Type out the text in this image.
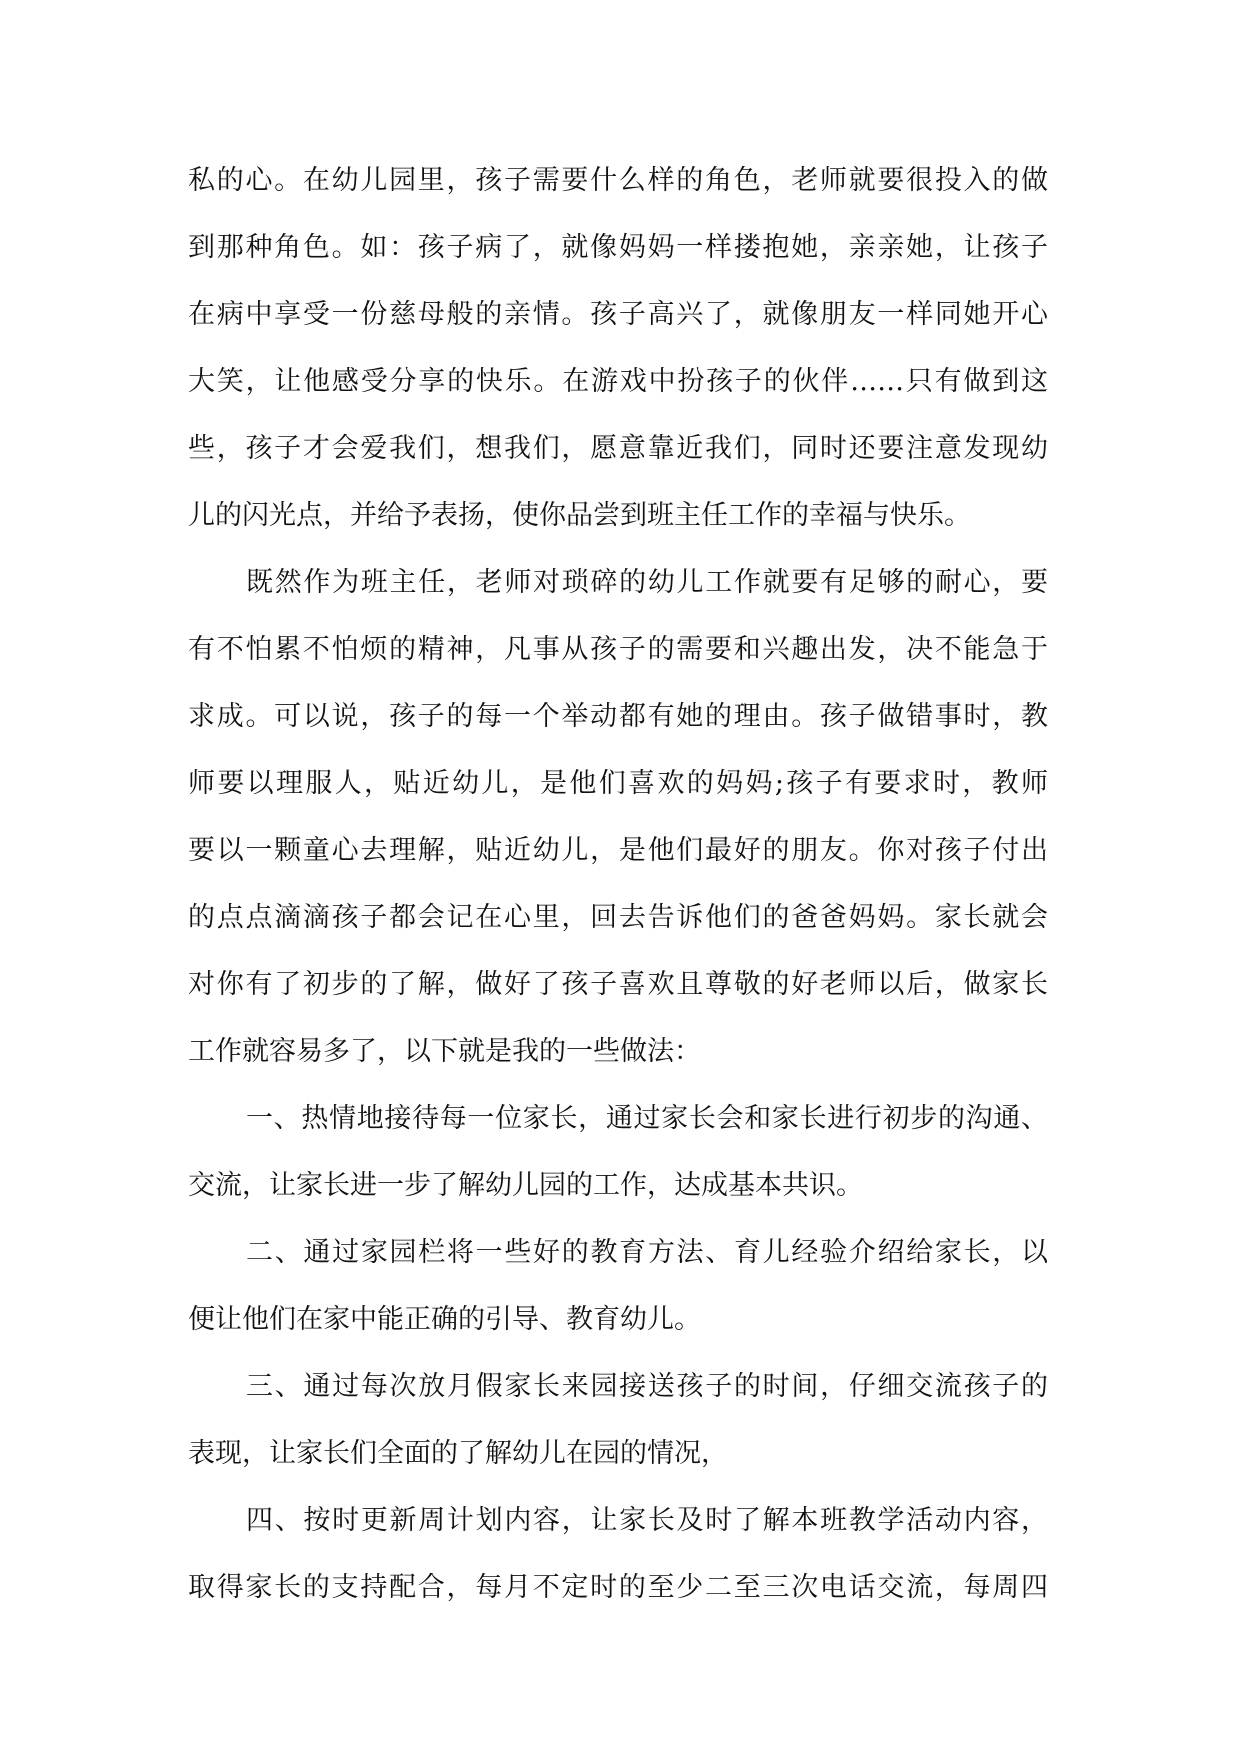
私的心。在幼儿园里，孩子需要什么样的角色，老师就要很投入的做
到那种角色。如：孩子病了，就像妈妈一样搂抱她，亲亲她，让孩子
在病中享受一份慈母般的亲情。孩子高兴了，就像朋友一样同她开心
大笑，让他感受分享的快乐。在游戏中扮孩子的伙伴……只有做到这
些，孩子才会爱我们，想我们，愿意靠近我们，同时还要注意发现幼
儿的闪光点，并给予表扬，使你品尝到班主任工作的幸福与快乐。
既然作为班主任，老师对琐碎的幼儿工作就要有足够的耐心，要
有不怕累不怕烦的精神，凡事从孩子的需要和兴趣出发，决不能急于
求成。可以说，孩子的每一个举动都有她的理由。孩子做错事时，教
师要以理服人，贴近幼儿，是他们喜欢的妈妈;孩子有要求时，教师
要以一颗童心去理解，贴近幼儿，是他们最好的朋友。你对孩子付出
的点点滴滴孩子都会记在心里，回去告诉他们的爸爸妈妈。家长就会
对你有了初步的了解，做好了孩子喜欢且尊敬的好老师以后，做家长
工作就容易多了，以下就是我的一些做法：
一、热情地接待每一位家长，通过家长会和家长进行初步的沟通、
交流，让家长进一步了解幼儿园的工作，达成基本共识。
二、通过家园栏将一些好的教育方法、育儿经验介绍给家长，以
便让他们在家中能正确的引导、教育幼儿。
三、通过每次放月假家长来园接送孩子的时间，仔细交流孩子的
表现，让家长们全面的了解幼儿在园的情况，
四、按时更新周计划内容，让家长及时了解本班教学活动内容，
取得家长的支持配合，每月不定时的至少二至三次电话交流，每周四
